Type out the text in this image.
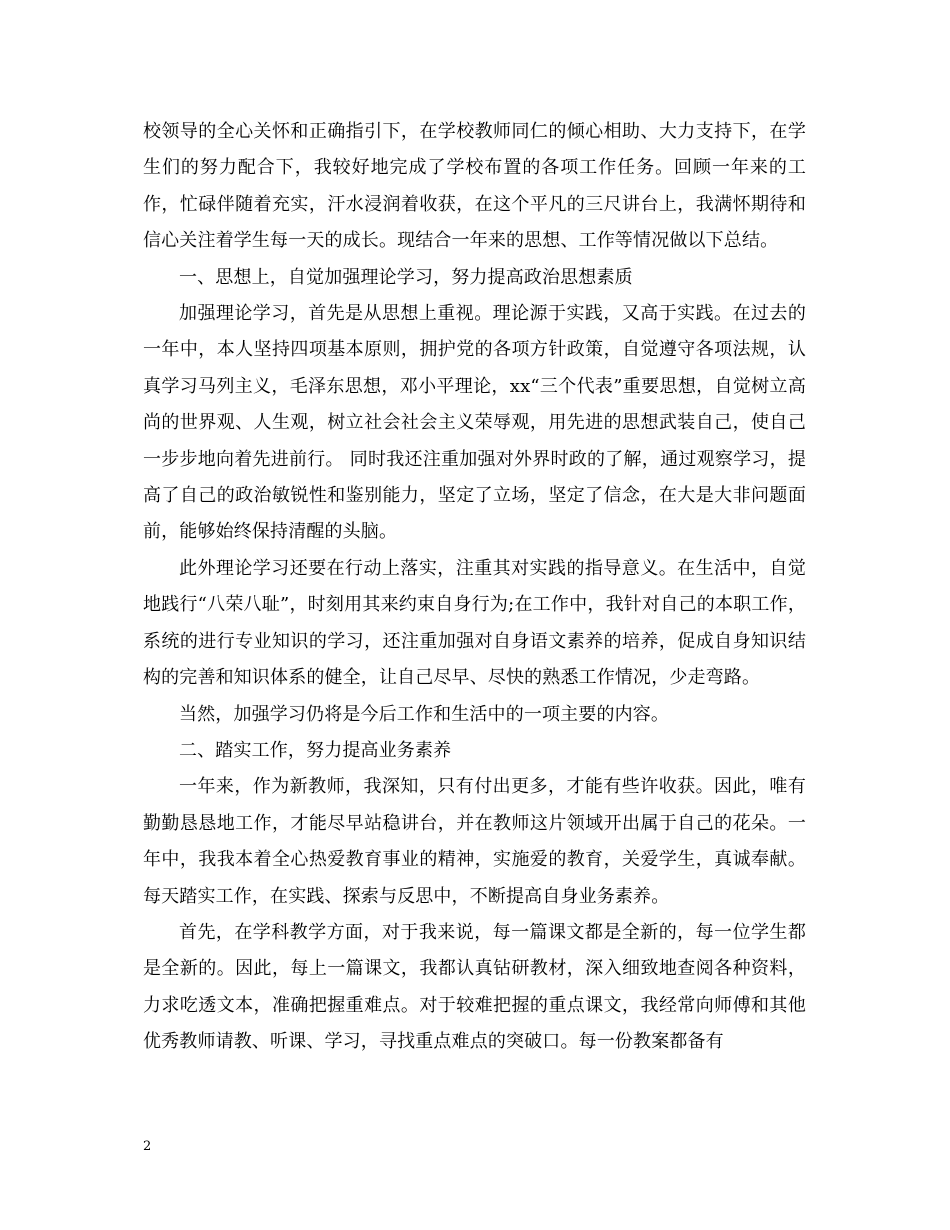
校领导的全心关怀和正确指引下，在学校教师同仁的倾心相助、大力支持下，在学生们的努力配合下，我较好地完成了学校布置的各项工作任务。回顾一年来的工作，忙碌伴随着充实，汗水浸润着收获，在这个平凡的三尺讲台上，我满怀期待和信心关注着学生每一天的成长。现结合一年来的思想、工作等情况做以下总结。

一、思想上，自觉加强理论学习，努力提高政治思想素质

加强理论学习，首先是从思想上重视。理论源于实践，又高于实践。在过去的一年中，本人坚持四项基本原则，拥护党的各项方针政策，自觉遵守各项法规，认真学习马列主义，毛泽东思想，邓小平理论，xx“三个代表”重要思想，自觉树立高尚的世界观、人生观，树立社会社会主义荣辱观，用先进的思想武装自己，使自己一步步地向着先进前行。 同时我还注重加强对外界时政的了解，通过观察学习，提高了自己的政治敏锐性和鉴别能力，坚定了立场，坚定了信念，在大是大非问题面前，能够始终保持清醒的头脑。

此外理论学习还要在行动上落实，注重其对实践的指导意义。在生活中，自觉地践行“八荣八耻”，时刻用其来约束自身行为;在工作中，我针对自己的本职工作，系统的进行专业知识的学习，还注重加强对自身语文素养的培养，促成自身知识结构的完善和知识体系的健全，让自己尽早、尽快的熟悉工作情况，少走弯路。

当然，加强学习仍将是今后工作和生活中的一项主要的内容。

二、踏实工作，努力提高业务素养

一年来，作为新教师，我深知，只有付出更多，才能有些许收获。因此，唯有勤勤恳恳地工作，才能尽早站稳讲台，并在教师这片领域开出属于自己的花朵。一年中，我我本着全心热爱教育事业的精神，实施爱的教育，关爱学生，真诚奉献。每天踏实工作，在实践、探索与反思中，不断提高自身业务素养。

首先，在学科教学方面，对于我来说，每一篇课文都是全新的，每一位学生都是全新的。因此，每上一篇课文，我都认真钻研教材，深入细致地查阅各种资料，力求吃透文本，准确把握重难点。对于较难把握的重点课文，我经常向师傅和其他优秀教师请教、听课、学习，寻找重点难点的突破口。每一份教案都备有

2
